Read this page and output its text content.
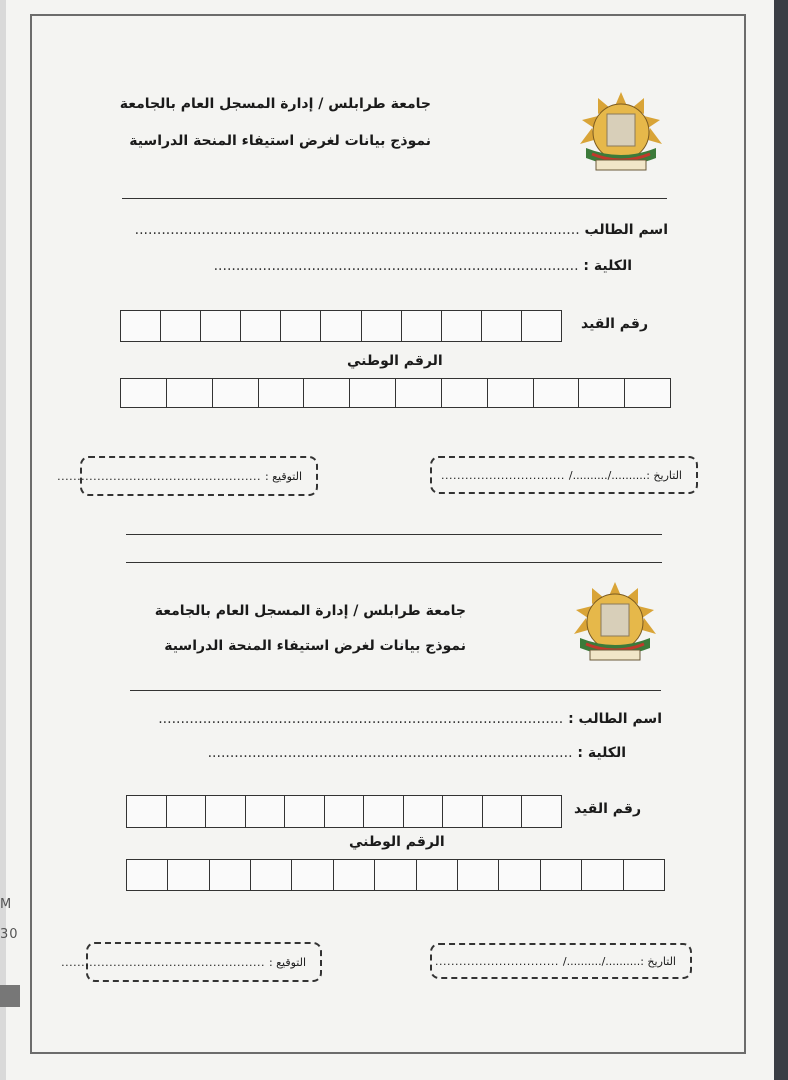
M
30
جامعة طرابلس / إدارة المسجل العام بالجامعة
نموذج بيانات لغرض استيفاء المنحة الدراسية
اسم الطالب ....................................................................................................
الكلية : ..................................................................................
رقم القيد
الرقم الوطني
التاريخ :........../........../
...............................
التوقيع :
...................................................
جامعة طرابلس / إدارة المسجل العام بالجامعة
نموذج بيانات لغرض استيفاء المنحة الدراسية
اسم الطالب : ...........................................................................................
الكلية : ..................................................................................
رقم القيد
الرقم الوطني
التاريخ :........../........../
...............................
التوقيع :
...................................................
